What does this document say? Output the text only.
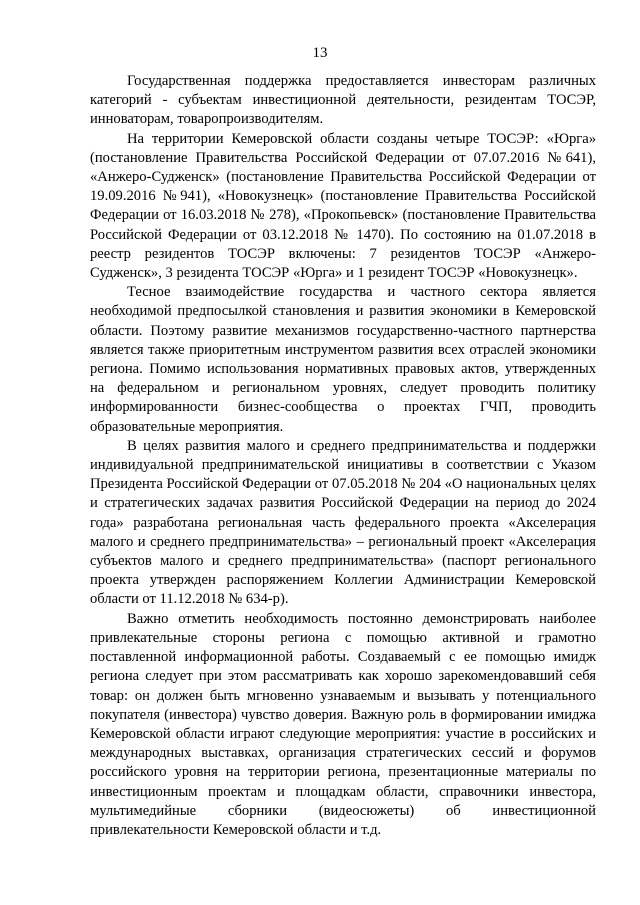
13

Государственная поддержка предоставляется инвесторам различных категорий - субъектам инвестиционной деятельности, резидентам ТОСЭР, инноваторам, товаропроизводителям.

На территории Кемеровской области созданы четыре ТОСЭР: «Юрга» (постановление Правительства Российской Федерации от 07.07.2016 №641), «Анжеро-Судженск» (постановление Правительства Российской Федерации от 19.09.2016 №941), «Новокузнецк» (постановление Правительства Российской Федерации от 16.03.2018 № 278), «Прокопьевск» (постановление Правительства Российской Федерации от 03.12.2018 № 1470). По состоянию на 01.07.2018 в реестр резидентов ТОСЭР включены: 7 резидентов ТОСЭР «Анжеро-Судженск», 3 резидента ТОСЭР «Юрга» и 1 резидент ТОСЭР «Новокузнецк».

Тесное взаимодействие государства и частного сектора является необходимой предпосылкой становления и развития экономики в Кемеровской области. Поэтому развитие механизмов государственно-частного партнерства является также приоритетным инструментом развития всех отраслей экономики региона. Помимо использования нормативных правовых актов, утвержденных на федеральном и региональном уровнях, следует проводить политику информированности бизнес-сообщества о проектах ГЧП, проводить образовательные мероприятия.

В целях развития малого и среднего предпринимательства и поддержки индивидуальной предпринимательской инициативы в соответствии с Указом Президента Российской Федерации от 07.05.2018 № 204 «О национальных целях и стратегических задачах развития Российской Федерации на период до 2024 года» разработана региональная часть федерального проекта «Акселерация малого и среднего предпринимательства» – региональный проект «Акселерация субъектов малого и среднего предпринимательства» (паспорт регионального проекта утвержден распоряжением Коллегии Администрации Кемеровской области от 11.12.2018 № 634-р).

Важно отметить необходимость постоянно демонстрировать наиболее привлекательные стороны региона с помощью активной и грамотно поставленной информационной работы. Создаваемый с ее помощью имидж региона следует при этом рассматривать как хорошо зарекомендовавший себя товар: он должен быть мгновенно узнаваемым и вызывать у потенциального покупателя (инвестора) чувство доверия. Важную роль в формировании имиджа Кемеровской области играют следующие мероприятия: участие в российских и международных выставках, организация стратегических сессий и форумов российского уровня на территории региона, презентационные материалы по инвестиционным проектам и площадкам области, справочники инвестора, мультимедийные сборники (видеосюжеты) об инвестиционной привлекательности Кемеровской области и т.д.
